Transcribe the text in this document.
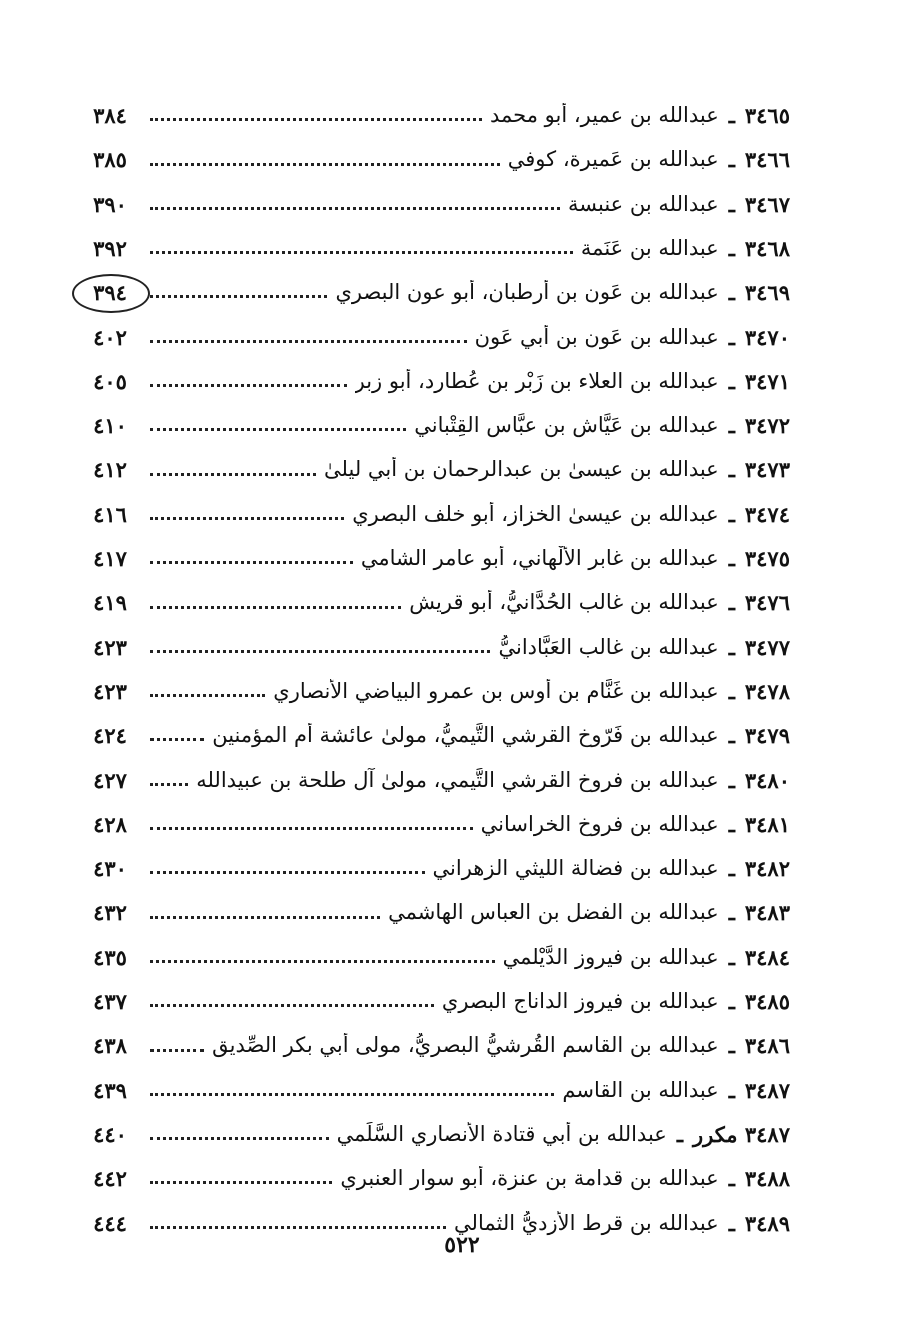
٣٤٦٥
ـ
عبدالله بن عمير، أبو محمد
٣٨٤
٣٤٦٦
ـ
عبدالله بن عَميرة، كوفي
٣٨٥
٣٤٦٧
ـ
عبدالله بن عنبسة
٣٩٠
٣٤٦٨
ـ
عبدالله بن عَنَمة
٣٩٢
٣٤٦٩
ـ
عبدالله بن عَون بن أرطبان، أبو عون البصري
٣٩٤
٣٤٧٠
ـ
عبدالله بن عَون بن أبي عَون
٤٠٢
٣٤٧١
ـ
عبدالله بن العلاء بن زَبْر بن عُطارد، أبو زبر
٤٠٥
٣٤٧٢
ـ
عبدالله بن عَيَّاش بن عبَّاس القِتْباني
٤١٠
٣٤٧٣
ـ
عبدالله بن عيسىٰ بن عبدالرحمان بن أبي ليلىٰ
٤١٢
٣٤٧٤
ـ
عبدالله بن عيسىٰ الخزاز، أبو خلف البصري
٤١٦
٣٤٧٥
ـ
عبدالله بن غابر الألْهاني، أبو عامر الشامي
٤١٧
٣٤٧٦
ـ
عبدالله بن غالب الحُدَّانيُّ، أبو قريش
٤١٩
٣٤٧٧
ـ
عبدالله بن غالب العَبَّادانيُّ
٤٢٣
٣٤٧٨
ـ
عبدالله بن غَنَّام بن أوس بن عمرو البياضي الأنصاري
٤٢٣
٣٤٧٩
ـ
عبدالله بن فَرّوخ القرشي التَّيميُّ، مولىٰ عائشة أم المؤمنين
٤٢٤
٣٤٨٠
ـ
عبدالله بن فروخ القرشي التَّيمي، مولىٰ آل طلحة بن عبيدالله
٤٢٧
٣٤٨١
ـ
عبدالله بن فروخ الخراساني
٤٢٨
٣٤٨٢
ـ
عبدالله بن فضالة الليثي الزهراني
٤٣٠
٣٤٨٣
ـ
عبدالله بن الفضل بن العباس الهاشمي
٤٣٢
٣٤٨٤
ـ
عبدالله بن فيروز الدَّيْلمي
٤٣٥
٣٤٨٥
ـ
عبدالله بن فيروز الداناج البصري
٤٣٧
٣٤٨٦
ـ
عبدالله بن القاسم القُرشيُّ البصريُّ، مولى أبي بكر الصِّديق
٤٣٨
٣٤٨٧
ـ
عبدالله بن القاسم
٤٣٩
٣٤٨٧ مكرر
ـ
عبدالله بن أبي قتادة الأنصاري السَّلَمي
٤٤٠
٣٤٨٨
ـ
عبدالله بن قدامة بن عنزة، أبو سوار العنبري
٤٤٢
٣٤٨٩
ـ
عبدالله بن قرط الأزديُّ الثمالي
٤٤٤
٥٢٢
